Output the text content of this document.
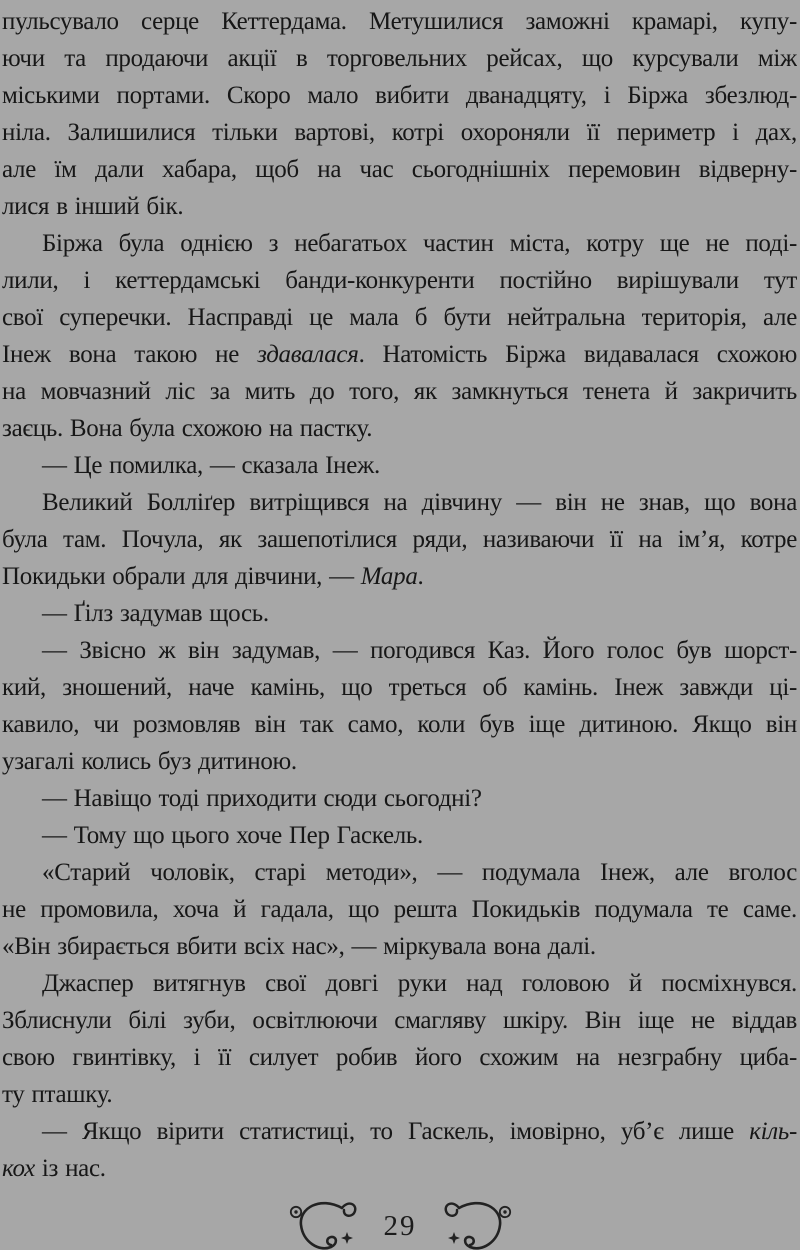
пульсувало серце Кеттердама. Метушилися заможні крамарі, купу-
ючи та продаючи акції в торговельних рейсах, що курсували між
міськими портами. Скоро мало вибити дванадцяту, і Біржа збезлюд-
ніла. Залишилися тільки вартові, котрі охороняли її периметр і дах,
але їм дали хабара, щоб на час сьогоднішніх перемовин відверну-
лися в інший бік.
Біржа була однією з небагатьох частин міста, котру ще не поді-
лили, і кеттердамські банди-конкуренти постійно вирішували тут
свої суперечки. Насправді це мала б бути нейтральна територія, але
Інеж вона такою не здавалася. Натомість Біржа видавалася схожою
на мовчазний ліс за мить до того, як замкнуться тенета й закричить
заєць. Вона була схожою на пастку.
— Це помилка, — сказала Інеж.
Великий Болліґер витріщився на дівчину — він не знав, що вона
була там. Почула, як зашепотілися ряди, називаючи її на ім’я, котре
Покидьки обрали для дівчини, — Мара.
— Ґілз задумав щось.
— Звісно ж він задумав, — погодився Каз. Його голос був шорст-
кий, зношений, наче камінь, що треться об камінь. Інеж завжди ці-
кавило, чи розмовляв він так само, коли був іще дитиною. Якщо він
узагалі колись буз дитиною.
— Навіщо тоді приходити сюди сьогодні?
— Тому що цього хоче Пер Гаскель.
«Старий чоловік, старі методи», — подумала Інеж, але вголос
не промовила, хоча й гадала, що решта Покидьків подумала те саме.
«Він збирається вбити всіх нас», — міркувала вона далі.
Джаспер витягнув свої довгі руки над головою й посміхнувся.
Зблиснули білі зуби, освітлюючи смагляву шкіру. Він іще не віддав
свою гвинтівку, і її силует робив його схожим на незграбну циба-
ту пташку.
— Якщо вірити статистиці, то Гаскель, імовірно, уб’є лише кіль-
кох із нас.
29
